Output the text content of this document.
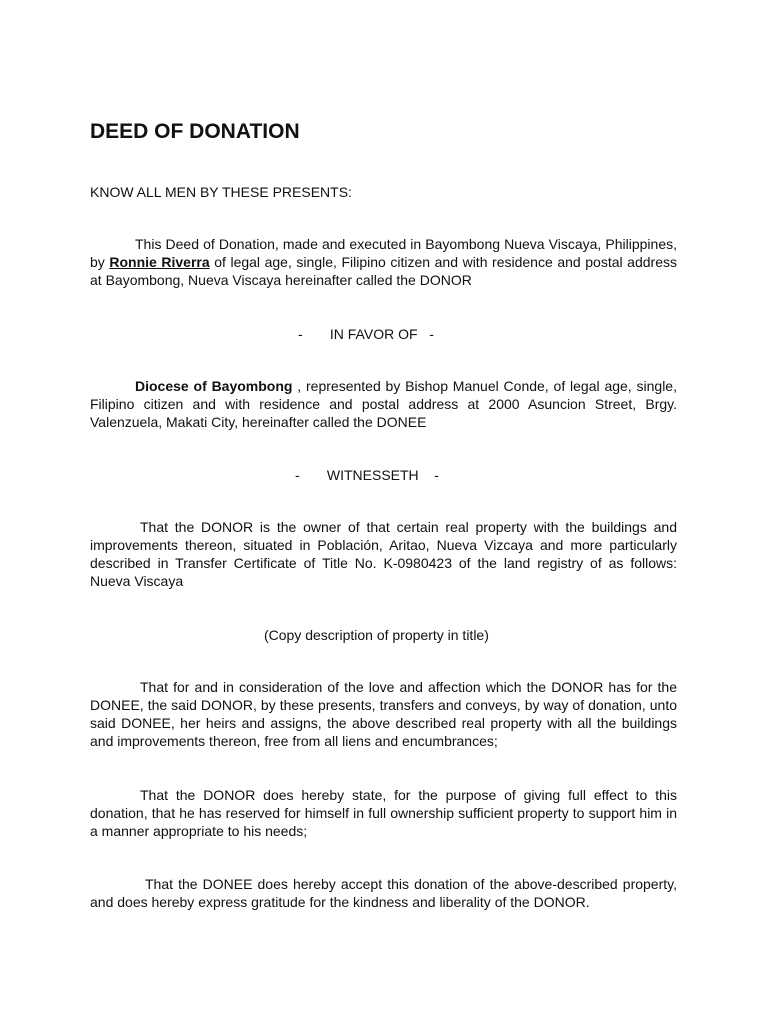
DEED OF DONATION

KNOW ALL MEN BY THESE PRESENTS:

This Deed of Donation, made and executed in Bayombong Nueva Viscaya, Philippines, by Ronnie Riverra of legal age, single, Filipino citizen and with residence and postal address at Bayombong, Nueva Viscaya hereinafter called the DONOR

-       IN FAVOR OF   -

Diocese of Bayombong , represented by Bishop Manuel Conde, of legal age, single, Filipino citizen and with residence and postal address at 2000 Asuncion Street, Brgy. Valenzuela, Makati City, hereinafter called the DONEE

-       WITNESSETH    -

That the DONOR is the owner of that certain real property with the buildings and improvements thereon, situated in Población, Aritao, Nueva Vizcaya and more particularly described in Transfer Certificate of Title No. K-0980423 of the land registry of as follows: Nueva Viscaya

(Copy description of property in title)

That for and in consideration of the love and affection which the DONOR has for the DONEE, the said DONOR, by these presents, transfers and conveys, by way of donation, unto said DONEE, her heirs and assigns, the above described real property with all the buildings and improvements thereon, free from all liens and encumbrances;

That the DONOR does hereby state, for the purpose of giving full effect to this donation, that he has reserved for himself in full ownership sufficient property to support him in a manner appropriate to his needs;

That the DONEE does hereby accept this donation of the above-described property, and does hereby express gratitude for the kindness and liberality of the DONOR.
